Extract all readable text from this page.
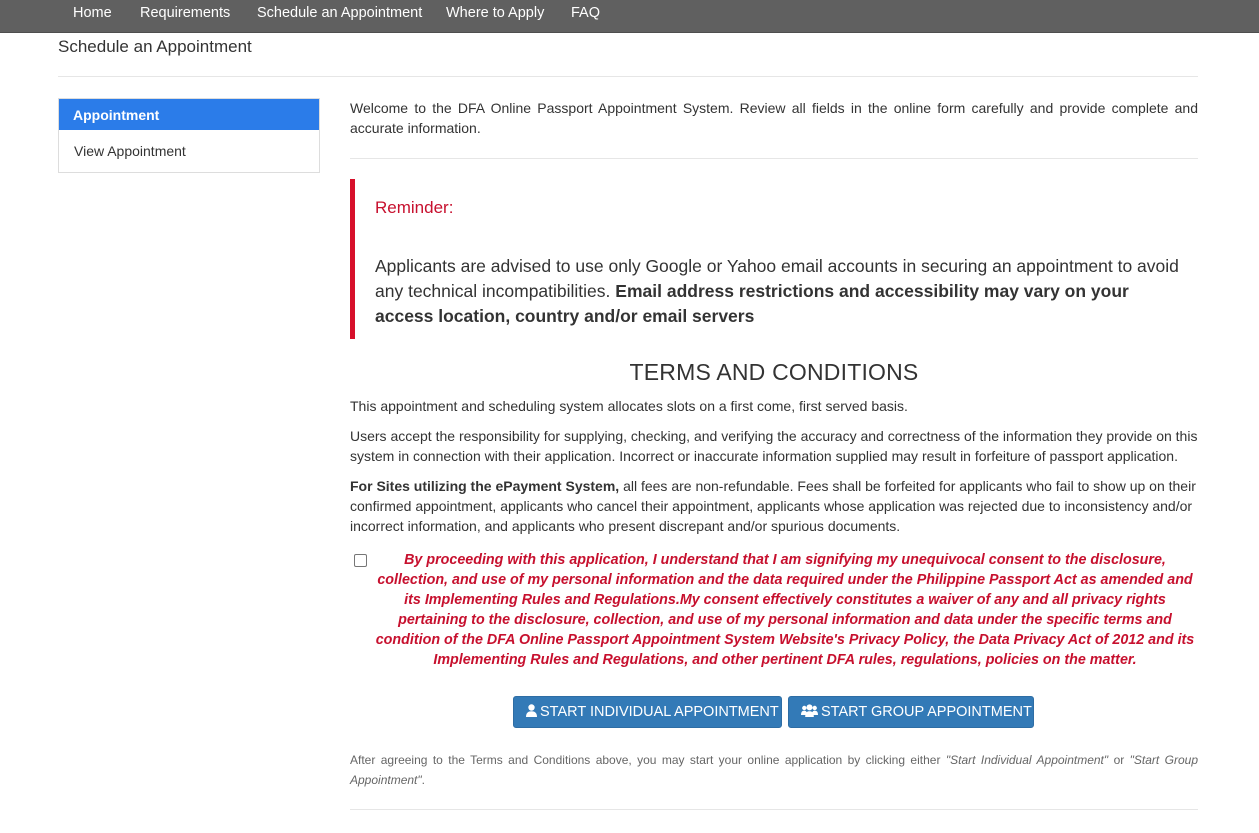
Home Requirements Schedule an Appointment Where to Apply FAQ
Schedule an Appointment
Appointment
View Appointment
Welcome to the DFA Online Passport Appointment System. Review all fields in the online form carefully and provide complete and accurate information.
Reminder:
Applicants are advised to use only Google or Yahoo email accounts in securing an appointment to avoid any technical incompatibilities. Email address restrictions and accessibility may vary on your access location, country and/or email servers
TERMS AND CONDITIONS
This appointment and scheduling system allocates slots on a first come, first served basis.
Users accept the responsibility for supplying, checking, and verifying the accuracy and correctness of the information they provide on this system in connection with their application. Incorrect or inaccurate information supplied may result in forfeiture of passport application.
For Sites utilizing the ePayment System, all fees are non-refundable. Fees shall be forfeited for applicants who fail to show up on their confirmed appointment, applicants who cancel their appointment, applicants whose application was rejected due to inconsistency and/or incorrect information, and applicants who present discrepant and/or spurious documents.
By proceeding with this application, I understand that I am signifying my unequivocal consent to the disclosure, collection, and use of my personal information and the data required under the Philippine Passport Act as amended and its Implementing Rules and Regulations.My consent effectively constitutes a waiver of any and all privacy rights pertaining to the disclosure, collection, and use of my personal information and data under the specific terms and condition of the DFA Online Passport Appointment System Website's Privacy Policy, the Data Privacy Act of 2012 and its Implementing Rules and Regulations, and other pertinent DFA rules, regulations, policies on the matter.
START INDIVIDUAL APPOINTMENT	START GROUP APPOINTMENT
After agreeing to the Terms and Conditions above, you may start your online application by clicking either "Start Individual Appointment" or "Start Group Appointment".
